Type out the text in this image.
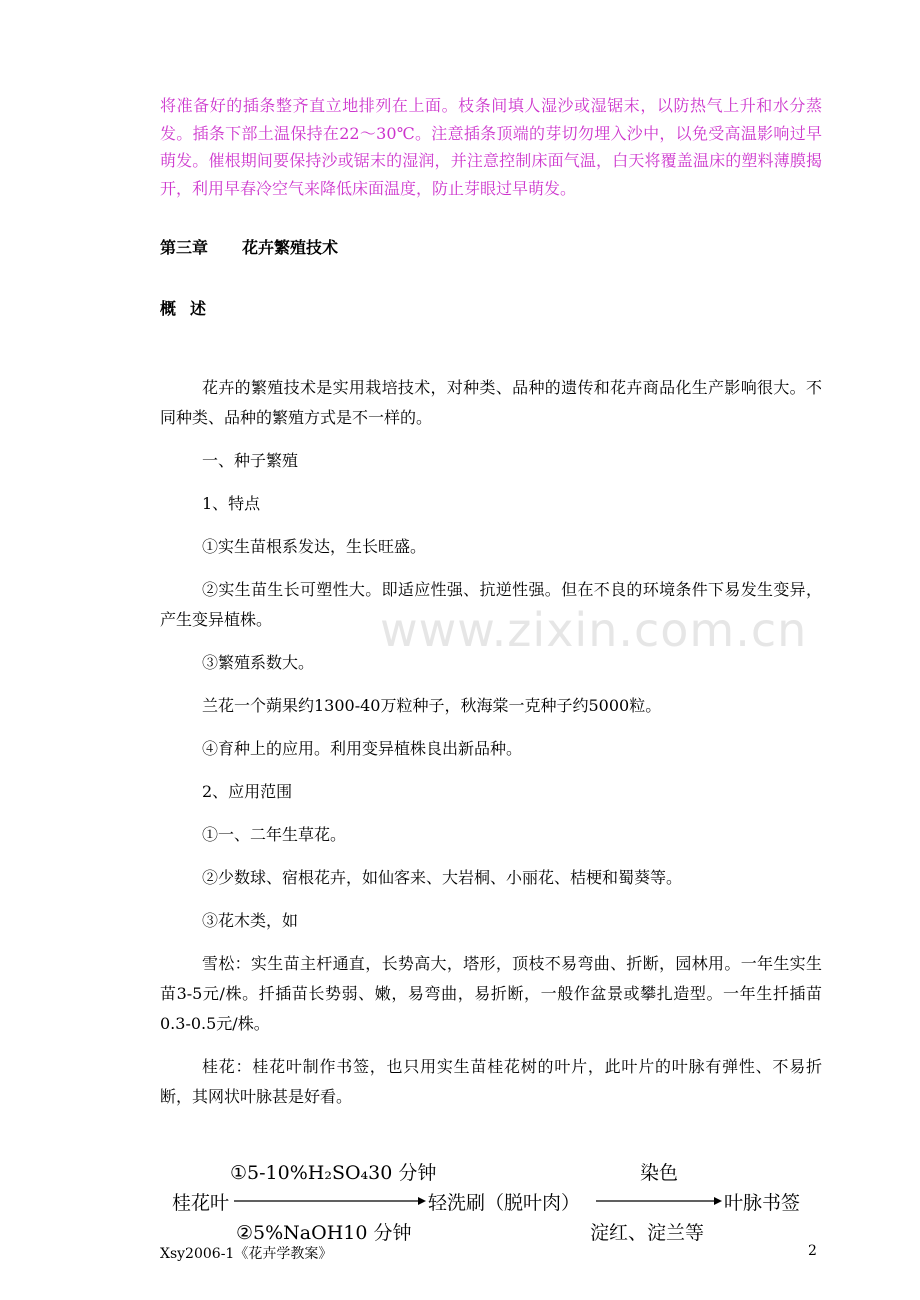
将准备好的插条整齐直立地排列在上面。枝条间填人湿沙或湿锯末，以防热气上升和水分蒸发。插条下部土温保持在22～30℃。注意插条顶端的芽切勿埋入沙中，以免受高温影响过早萌发。催根期间要保持沙或锯末的湿润，并注意控制床面气温，白天将覆盖温床的塑料薄膜揭开，利用早春冷空气来降低床面温度，防止芽眼过早萌发。

第三章 花卉繁殖技术
概述
www.zixin.com.cn

花卉的繁殖技术是实用栽培技术，对种类、品种的遗传和花卉商品化生产影响很大。不同种类、品种的繁殖方式是不一样的。

一、种子繁殖

1、特点

①实生苗根系发达，生长旺盛。

②实生苗生长可塑性大。即适应性强、抗逆性强。但在不良的环境条件下易发生变异，产生变异植株。

③繁殖系数大。

兰花一个蒴果约1300-40万粒种子，秋海棠一克种子约5000粒。

④育种上的应用。利用变异植株良出新品种。

2、应用范围

①一、二年生草花。

②少数球、宿根花卉，如仙客来、大岩桐、小丽花、桔梗和蜀葵等。

③花木类，如

雪松：实生苗主杆通直，长势高大，塔形，顶枝不易弯曲、折断，园林用。一年生实生苗3-5元/株。扦插苗长势弱、嫩，易弯曲，易折断，一般作盆景或攀扎造型。一年生扦插苗0.3-0.5元/株。

桂花：桂花叶制作书签，也只用实生苗桂花树的叶片，此叶片的叶脉有弹性、不易折断，其网状叶脉甚是好看。

①5-10%H₂SO₄30 分钟	染色
桂花叶	轻洗刷（脱叶肉）	叶脉书签
②5%NaOH10 分钟	淀红、淀兰等
Xsy2006-1《花卉学教案》	2
